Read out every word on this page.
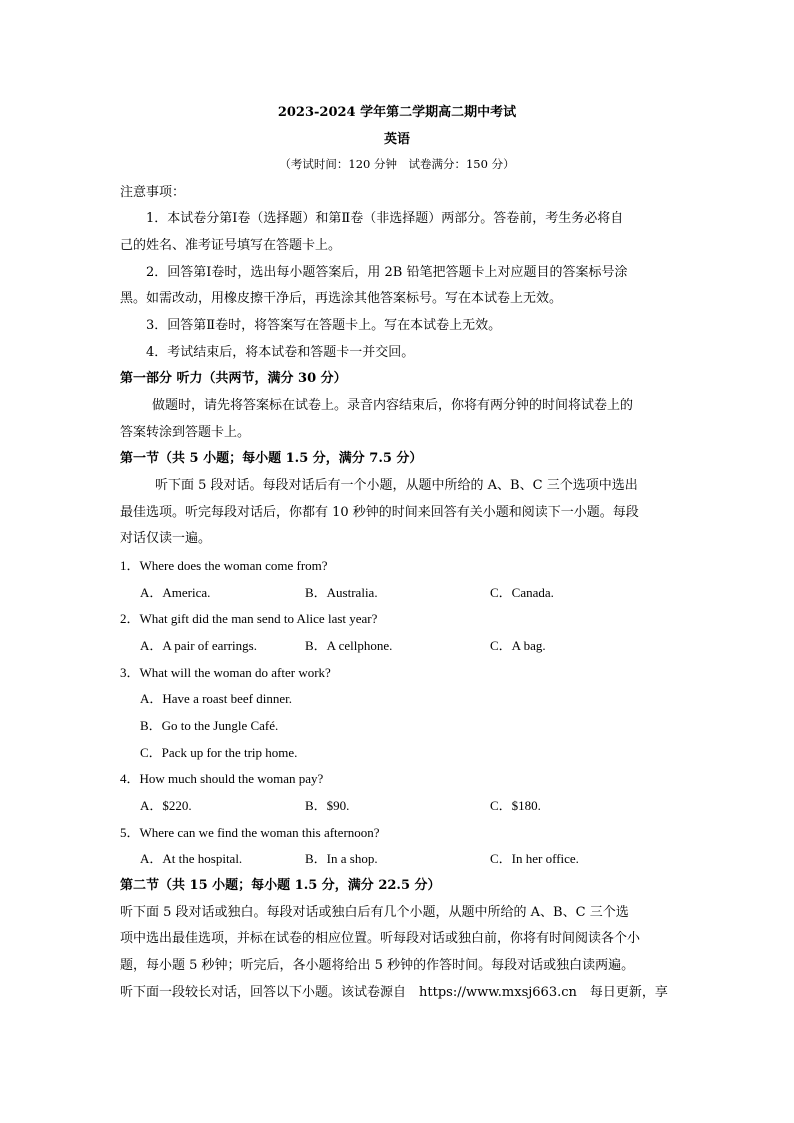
2023-2024 学年第二学期高二期中考试
英语
（考试时间：120 分钟　试卷满分：150 分）
注意事项：
1．本试卷分第Ⅰ卷（选择题）和第Ⅱ卷（非选择题）两部分。答卷前，考生务必将自
己的姓名、准考证号填写在答题卡上。
2．回答第Ⅰ卷时，选出每小题答案后，用 2B 铅笔把答题卡上对应题目的答案标号涂
黑。如需改动，用橡皮擦干净后，再选涂其他答案标号。写在本试卷上无效。
3．回答第Ⅱ卷时，将答案写在答题卡上。写在本试卷上无效。
4．考试结束后，将本试卷和答题卡一并交回。
第一部分 听力（共两节，满分 30 分）
做题时，请先将答案标在试卷上。录音内容结束后，你将有两分钟的时间将试卷上的
答案转涂到答题卡上。
第一节（共 5 小题；每小题 1.5 分，满分 7.5 分）
听下面 5 段对话。每段对话后有一个小题，从题中所给的 A、B、C 三个选项中选出
最佳选项。听完每段对话后，你都有 10 秒钟的时间来回答有关小题和阅读下一小题。每段
对话仅读一遍。
1．Where does the woman come from?
A．America.	B．Australia.	C．Canada.
2．What gift did the man send to Alice last year?
A．A pair of earrings.	B．A cellphone.	C．A bag.
3．What will the woman do after work?
A．Have a roast beef dinner.
B．Go to the Jungle Café.
C．Pack up for the trip home.
4．How much should the woman pay?
A．$220.	B．$90.	C．$180.
5．Where can we find the woman this afternoon?
A．At the hospital.	B．In a shop.	C．In her office.
第二节（共 15 小题；每小题 1.5 分，满分 22.5 分）
听下面 5 段对话或独白。每段对话或独白后有几个小题，从题中所给的 A、B、C 三个选
项中选出最佳选项，并标在试卷的相应位置。听每段对话或独白前，你将有时间阅读各个小
题，每小题 5 秒钟；听完后，各小题将给出 5 秒钟的作答时间。每段对话或独白读两遍。
听下面一段较长对话，回答以下小题。该试卷源自　https://www.mxsj663.cn　每日更新，享
